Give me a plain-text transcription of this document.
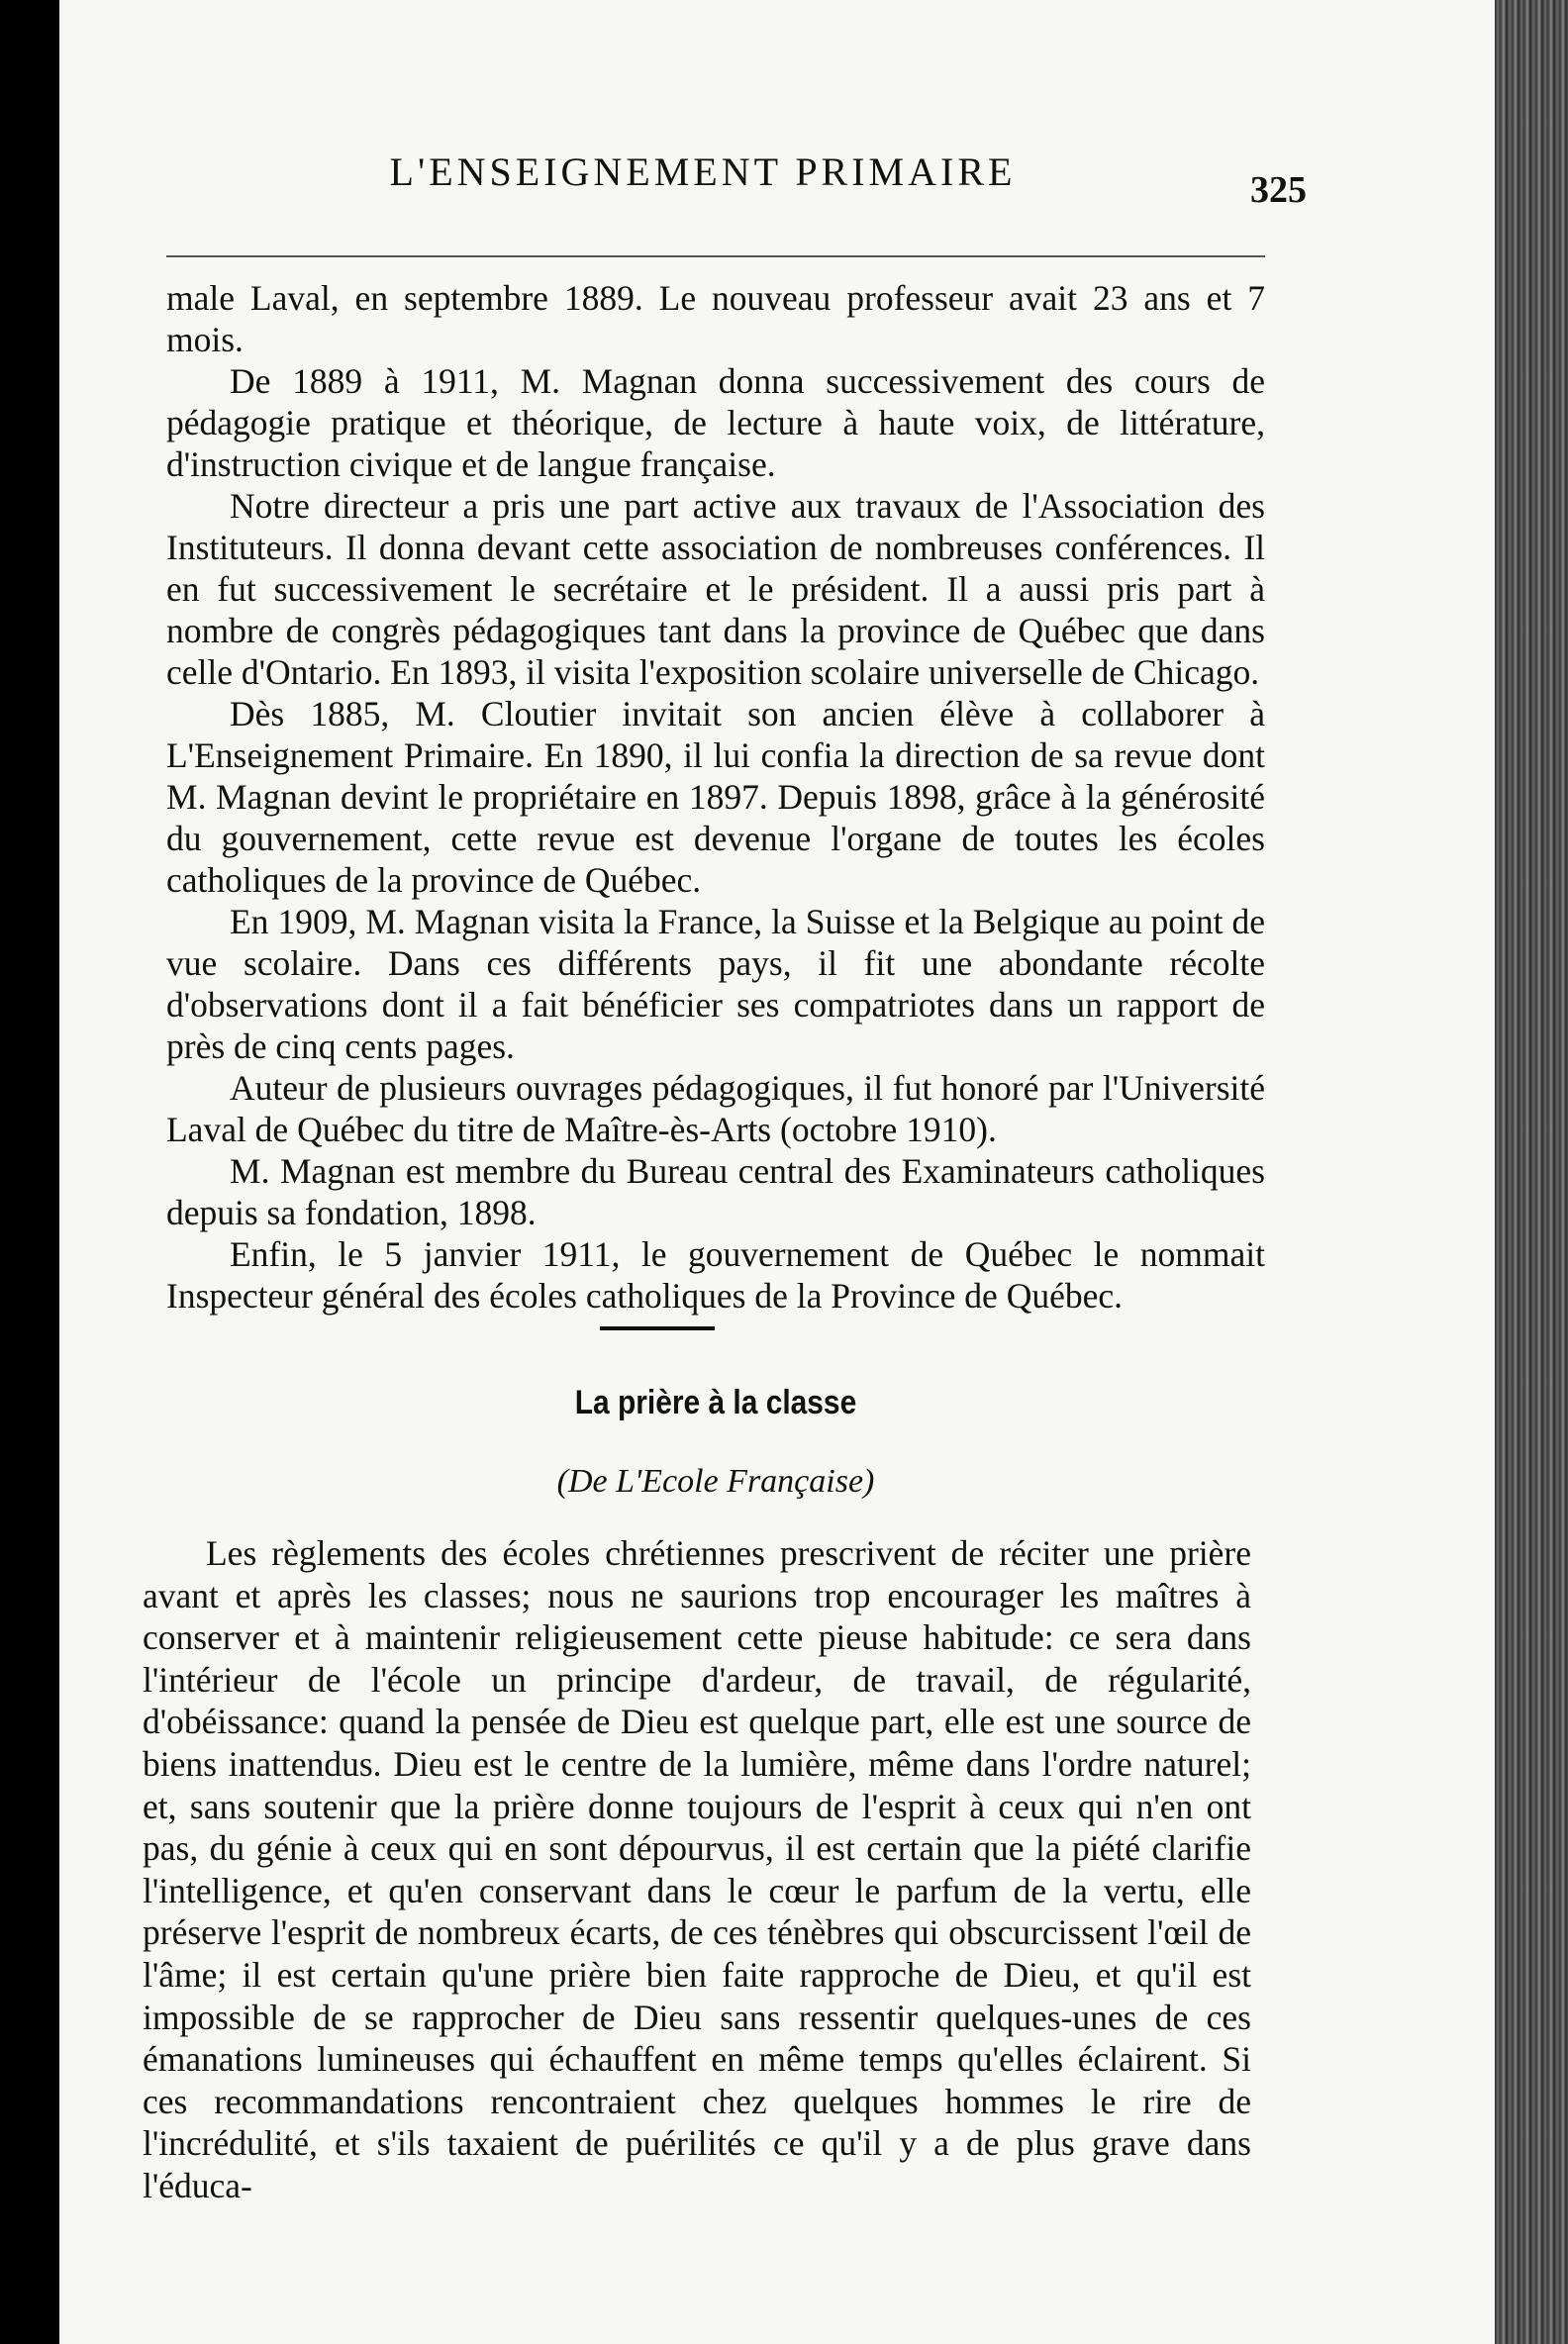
L'ENSEIGNEMENT PRIMAIRE	325

male Laval, en septembre 1889. Le nouveau professeur avait 23 ans et 7 mois.

De 1889 à 1911, M. Magnan donna successivement des cours de pédagogie pratique et théorique, de lecture à haute voix, de littérature, d'instruction civique et de langue française.

Notre directeur a pris une part active aux travaux de l'Association des Instituteurs. Il donna devant cette association de nombreuses conférences. Il en fut successivement le secrétaire et le président. Il a aussi pris part à nombre de congrès pédagogiques tant dans la province de Québec que dans celle d'Ontario. En 1893, il visita l'exposition scolaire universelle de Chicago.

Dès 1885, M. Cloutier invitait son ancien élève à collaborer à L'Enseignement Primaire. En 1890, il lui confia la direction de sa revue dont M. Magnan devint le propriétaire en 1897. Depuis 1898, grâce à la générosité du gouvernement, cette revue est devenue l'organe de toutes les écoles catholiques de la province de Québec.

En 1909, M. Magnan visita la France, la Suisse et la Belgique au point de vue scolaire. Dans ces différents pays, il fit une abondante récolte d'observations dont il a fait bénéficier ses compatriotes dans un rapport de près de cinq cents pages.

Auteur de plusieurs ouvrages pédagogiques, il fut honoré par l'Université Laval de Québec du titre de Maître-ès-Arts (octobre 1910).

M. Magnan est membre du Bureau central des Examinateurs catholiques depuis sa fondation, 1898.

Enfin, le 5 janvier 1911, le gouvernement de Québec le nommait Inspecteur général des écoles catholiques de la Province de Québec.

La prière à la classe
(De L'Ecole Française)

Les règlements des écoles chrétiennes prescrivent de réciter une prière avant et après les classes; nous ne saurions trop encourager les maîtres à conserver et à maintenir religieusement cette pieuse habitude: ce sera dans l'intérieur de l'école un principe d'ardeur, de travail, de régularité, d'obéissance: quand la pensée de Dieu est quelque part, elle est une source de biens inattendus. Dieu est le centre de la lumière, même dans l'ordre naturel; et, sans soutenir que la prière donne toujours de l'esprit à ceux qui n'en ont pas, du génie à ceux qui en sont dépourvus, il est certain que la piété clarifie l'intelligence, et qu'en conservant dans le cœur le parfum de la vertu, elle préserve l'esprit de nombreux écarts, de ces ténèbres qui obscurcissent l'œil de l'âme; il est certain qu'une prière bien faite rapproche de Dieu, et qu'il est impossible de se rapprocher de Dieu sans ressentir quelques-unes de ces émanations lumineuses qui échauffent en même temps qu'elles éclairent. Si ces recommandations rencontraient chez quelques hommes le rire de l'incrédulité, et s'ils taxaient de puérilités ce qu'il y a de plus grave dans l'éduca-
